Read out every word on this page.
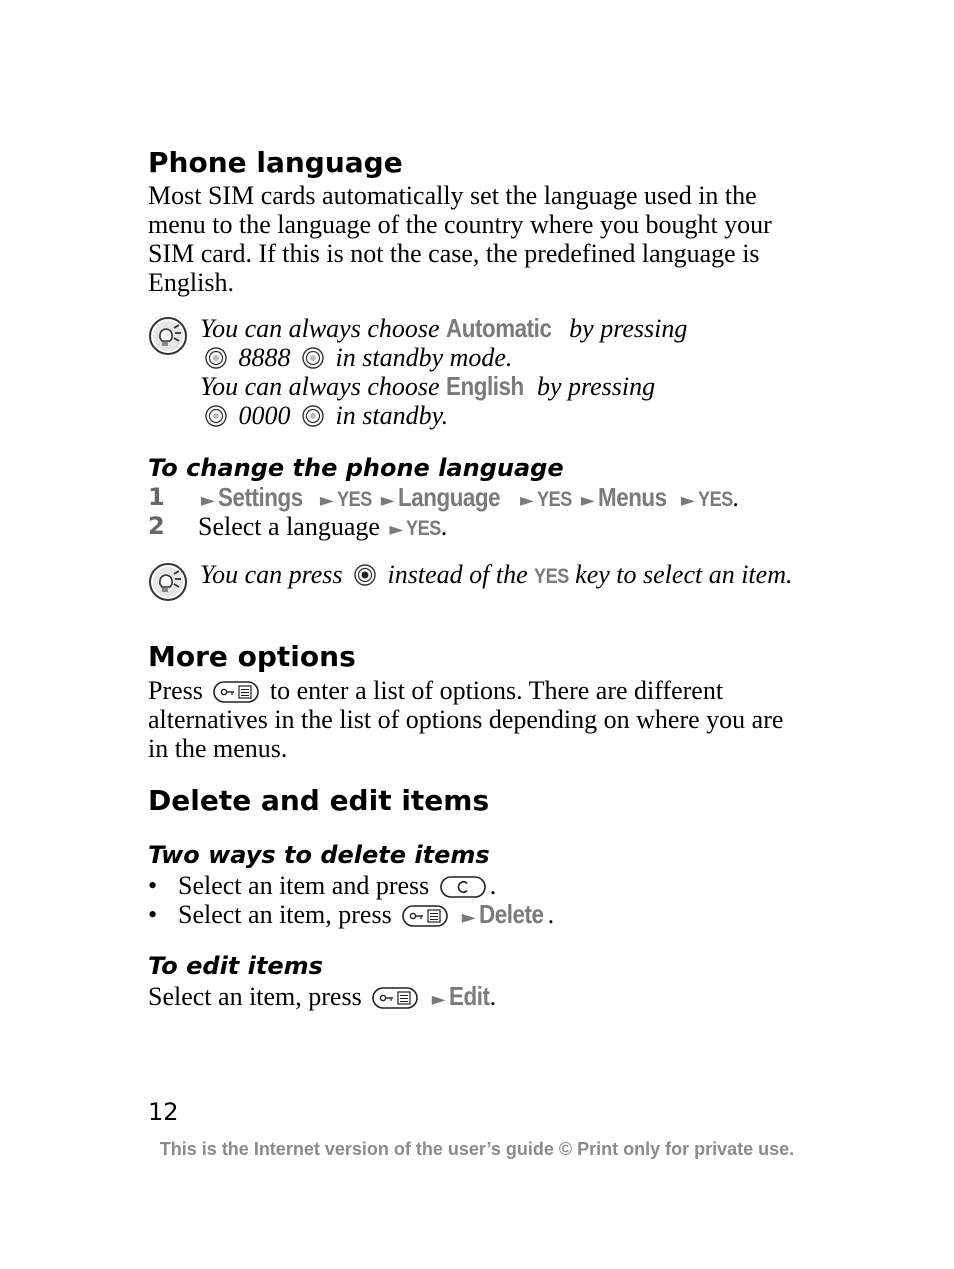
Phone language

Most SIM cards automatically set the language used in the menu to the language of the country where you bought your SIM card. If this is not the case, the predefined language is English.

You can always choose Automatic by pressing
8888 in standby mode.
You can always choose English by pressing
0000 in standby.
To change the phone language
1 ► Settings ► YES ► Language ► YES ► Menus ► YES.
2 Select a language ► YES.
You can press instead of the YES key to select an item.
More options

Press	to enter a list of options. There are different alternatives in the list of options depending on where you are in the menus.

Delete and edit items
Two ways to delete items
• Select an item and press .
• Select an item, press	► Delete .
To edit items
Select an item, press	► Edit.
12
This is the Internet version of the user’s guide © Print only for private use.
